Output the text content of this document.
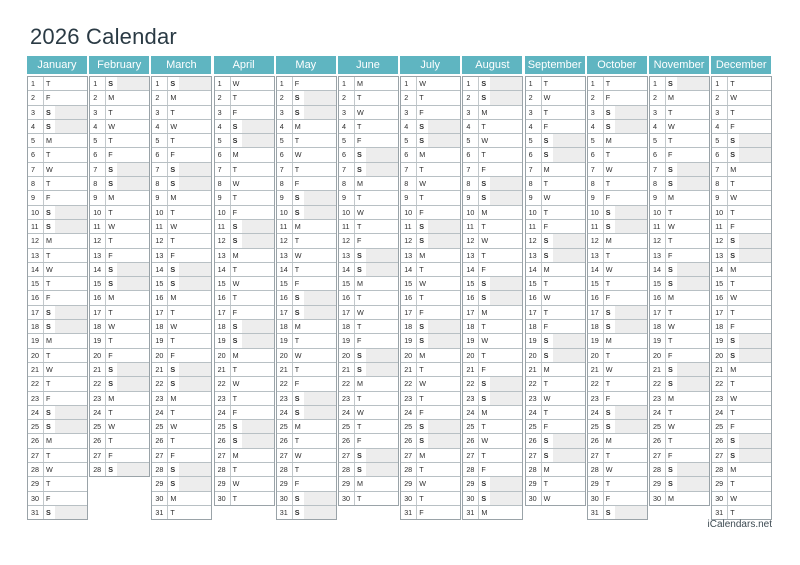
2026 Calendar
January
1	T
2	F
3	S
4	S
5	M
6	T
7	W
8	T
9	F
10 S
11	S
12 M
13 T
14 W
15 T
16 F
17 S
18 S
19 M
20 T
21 W
22 T
23 F
24 S
25 S
26 M
27 T
28 W
29 T
30 F
31 S
February
1	S
2	M
3	T
4	W
5	T
6	F
7	S
8	S
9	M
10 T
11	W
12 T
13 F
14 S
15 S
16 M
17 T
18 W
19 T
20 F
21 S
22 S
23 M
24 T
25 W
26 T
27 F
28 S
March
1	S
2	M
3	T
4	W
5	T
6	F
7	S
8	S
9	M
10 T
11	W
12 T
13 F
14 S
15 S
16 M
17 T
18 W
19 T
20 F
21 S
22 S
23 M
24 T
25 W
26 T
27 F
28 S
29 S
30 M
31 T
April
1	W
2	T
3	F
4	S
5	S
6	M
7	T
8	W
9	T
10 F
11	S
12 S
13 M
14 T
15 W
16 T
17 F
18 S
19 S
20 M
21 T
22 W
23 T
24 F
25 S
26 S
27 M
28 T
29 W
30 T
May
1	F
2	S
3	S
4	M
5	T
6	W
7	T
8	F
9	S
10 S
11	M
12 T
13 W
14 T
15 F
16 S
17 S
18 M
19 T
20 W
21 T
22 F
23 S
24 S
25 M
26 T
27 W
28 T
29 F
30 S
31 S
June
1	M
2	T
3	W
4	T
5	F
6	S
7	S
8	M
9	T
10 W
11	T
12 F
13 S
14 S
15 M
16 T
17 W
18 T
19 F
20 S
21 S
22 M
23 T
24 W
25 T
26 F
27 S
28 S
29 M
30 T
July
1	W
2	T
3	F
4	S
5	S
6	M
7	T
8	W
9	T
10 F
11	S
12 S
13 M
14 T
15 W
16 T
17 F
18 S
19 S
20 M
21 T
22 W
23 T
24 F
25 S
26 S
27 M
28 T
29 W
30 T
31 F
August
1	S
2	S
3	M
4	T
5	W
6	T
7	F
8	S
9	S
10 M
11	T
12 W
13 T
14 F
15 S
16 S
17 M
18 T
19 W
20 T
21 F
22 S
23 S
24 M
25 T
26 W
27 T
28 F
29 S
30 S
31 M
September
1	T
2	W
3	T
4	F
5	S
6	S
7	M
8	T
9	W
10 T
11	F
12 S
13 S
14 M
15 T
16 W
17 T
18 F
19 S
20 S
21 M
22 T
23 W
24 T
25 F
26 S
27 S
28 M
29 T
30 W
October
1	T
2	F
3	S
4	S
5	M
6	T
7	W
8	T
9	F
10 S
11	S
12 M
13 T
14 W
15 T
16 F
17 S
18 S
19 M
20 T
21 W
22 T
23 F
24 S
25 S
26 M
27 T
28 W
29 T
30 F
31 S
November
1	S
2	M
3	T
4	W
5	T
6	F
7	S
8	S
9	M
10 T
11	W
12 T
13 F
14 S
15 S
16 M
17 T
18 W
19 T
20 F
21 S
22 S
23 M
24 T
25 W
26 T
27 F
28 S
29 S
30 M
December
1	T
2	W
3	T
4	F
5	S
6	S
7	M
8	T
9	W
10 T
11	F
12 S
13 S
14 M
15 T
16 W
17 T
18 F
19 S
20 S
21 M
22 T
23 W
24 T
25 F
26 S
27 S
28 M
29 T
30 W
31 T
iCalendars.net
